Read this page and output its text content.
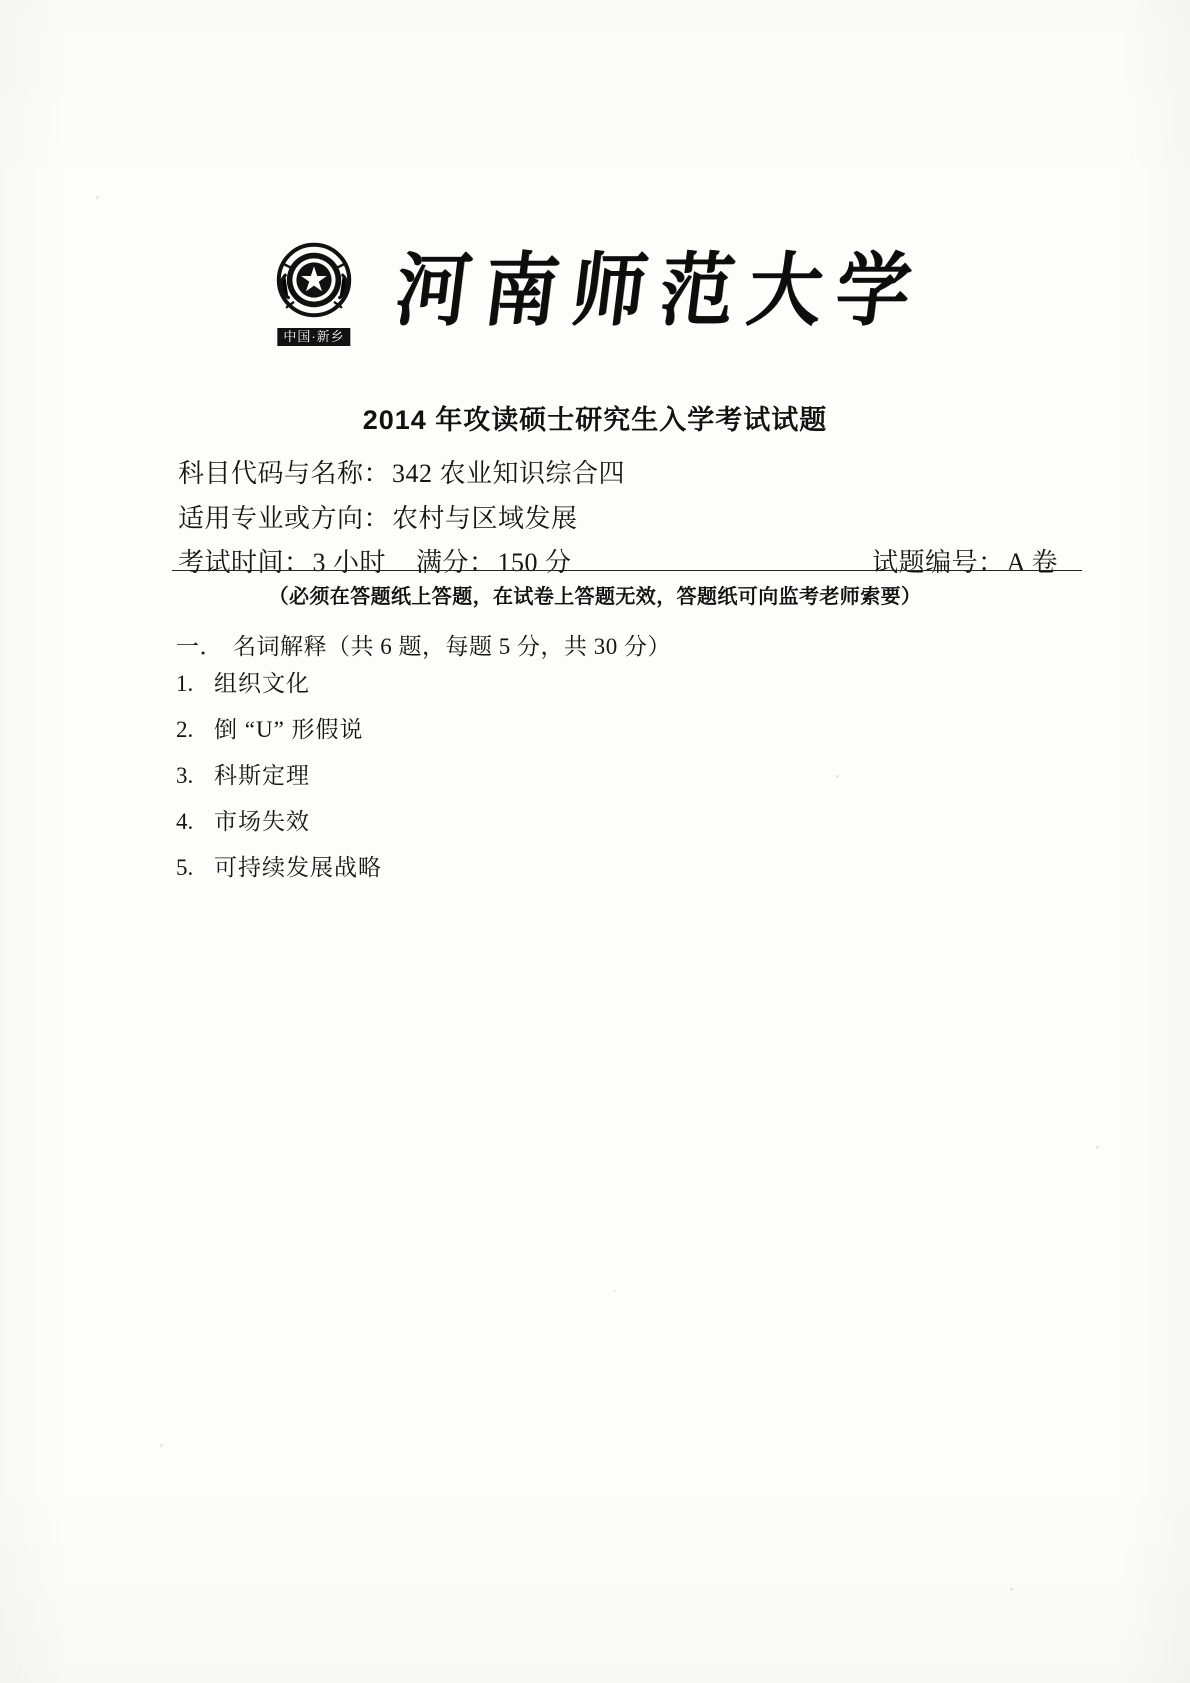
中国·新乡
河南师范大学
2014 年攻读硕士研究生入学考试试题
科目代码与名称： 342 农业知识综合四
适用专业或方向： 农村与区域发展
考试时间：3 小时 满分：150 分	试题编号：A 卷
（必须在答题纸上答题，在试卷上答题无效，答题纸可向监考老师索要）
一． 名词解释（共 6 题，每题 5 分，共 30 分）
1. 组织文化
2. 倒 “U” 形假说
3. 科斯定理
4. 市场失效
5. 可持续发展战略
